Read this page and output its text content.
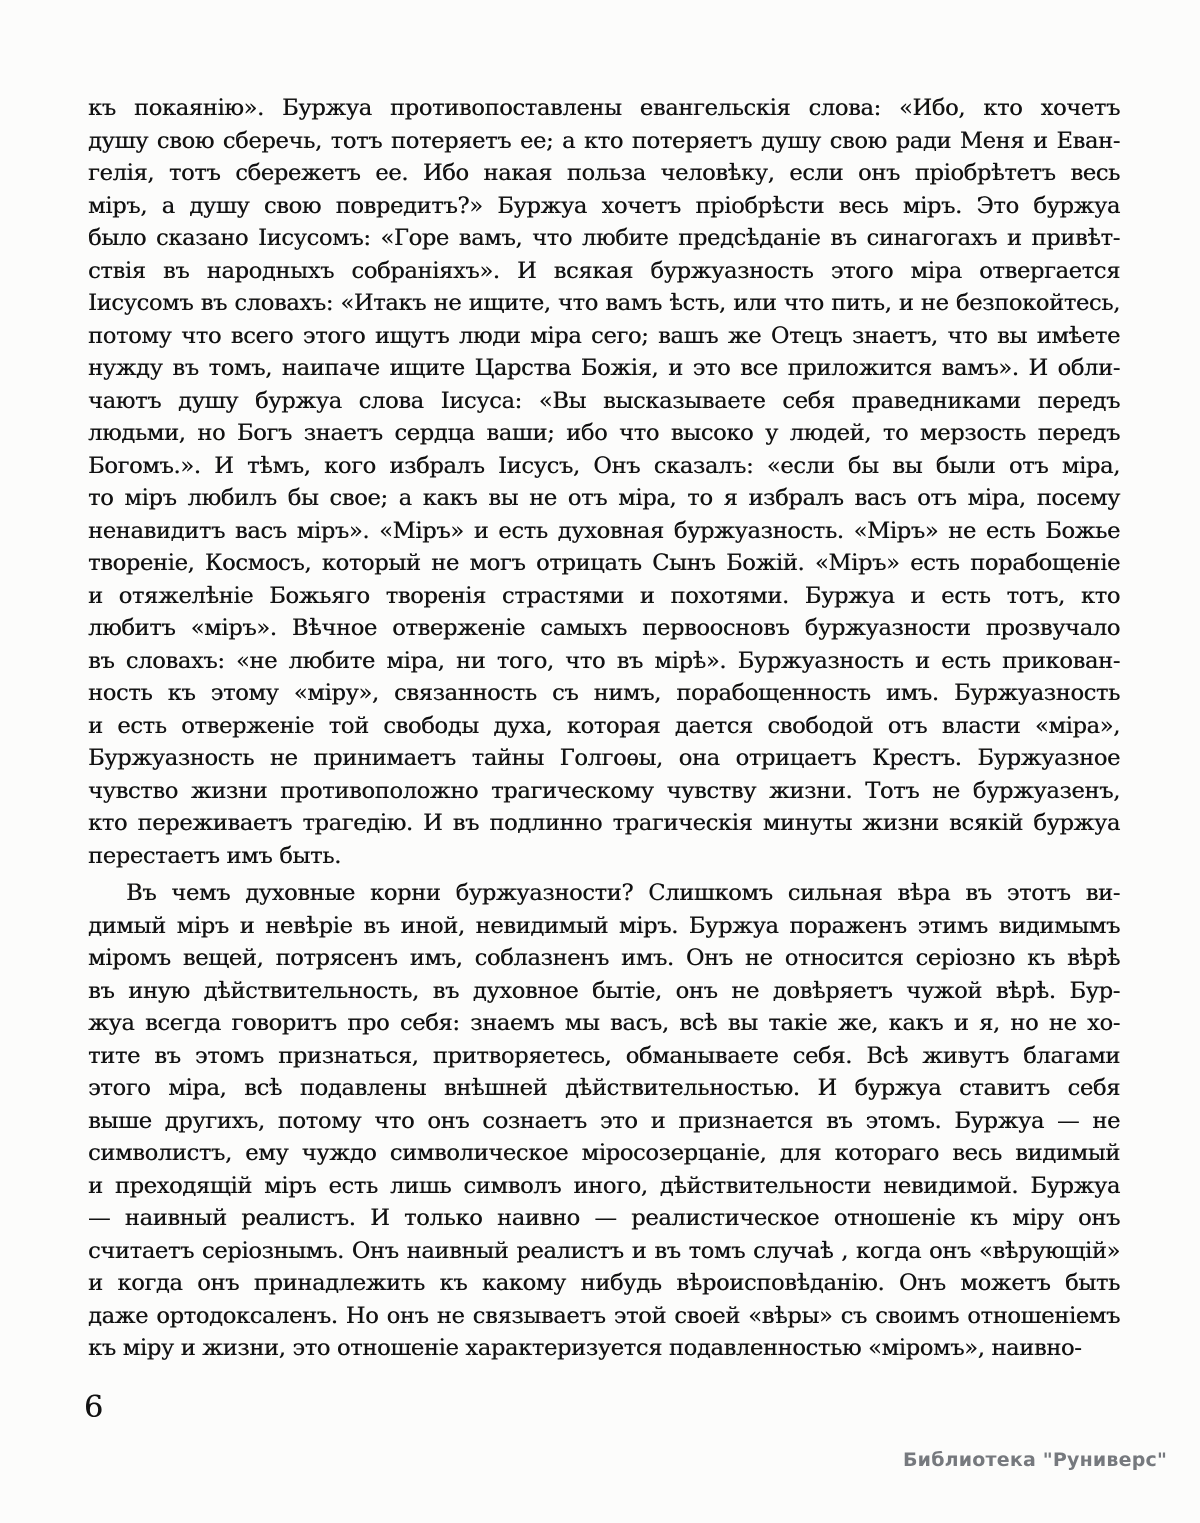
къ покаянію». Буржуа противопоставлены евангельскія слова: «Ибо, кто хочетъ
душу свою сберечь, тотъ потеряетъ ее; а кто потеряетъ душу свою ради Меня и Еван-
гелія, тотъ сбережетъ ее. Ибо накая польза человѣку, если онъ пріобрѣтетъ весь
міръ, а душу свою повредитъ?» Буржуа хочетъ пріобрѣсти весь міръ. Это буржуа
было сказано Іисусомъ: «Горе вамъ, что любите предсѣданіе въ синагогахъ и привѣт-
ствія въ народныхъ собраніяхъ». И всякая буржуазность этого міра отвергается
Іисусомъ въ словахъ: «Итакъ не ищите, что вамъ ѣсть, или что пить, и не безпокойтесь,
потому что всего этого ищутъ люди міра сего; вашъ же Отецъ знаетъ, что вы имѣете
нужду въ томъ, наипаче ищите Царства Божія, и это все приложится вамъ». И обли-
чаютъ душу буржуа слова Іисуса: «Вы высказываете себя праведниками передъ
людьми, но Богъ знаетъ сердца ваши; ибо что высоко у людей, то мерзость передъ
Богомъ.». И тѣмъ, кого избралъ Іисусъ, Онъ сказалъ: «если бы вы были отъ міра,
то міръ любилъ бы свое; а какъ вы не отъ міра, то я избралъ васъ отъ міра, посему
ненавидитъ васъ міръ». «Міръ» и есть духовная буржуазность. «Міръ» не есть Божье
твореніе, Космосъ, который не могъ отрицать Сынъ Божій. «Міръ» есть порабощеніе
и отяжелѣніе Божьяго творенія страстями и похотями. Буржуа и есть тотъ, кто
любитъ «міръ». Вѣчное отверженіе самыхъ первоосновъ буржуазности прозвучало
въ словахъ: «не любите міра, ни того, что въ мірѣ». Буржуазность и есть прикован-
ность къ этому «міру», связанность съ нимъ, порабощенность имъ. Буржуазность
и есть отверженіе той свободы духа, которая дается свободой отъ власти «міра»,
Буржуазность не принимаетъ тайны Голгоѳы, она отрицаетъ Крестъ. Буржуазное
чувство жизни противоположно трагическому чувству жизни. Тотъ не буржуазенъ,
кто переживаетъ трагедію. И въ подлинно трагическія минуты жизни всякій буржуа
перестаетъ имъ быть.
Въ чемъ духовные корни буржуазности? Слишкомъ сильная вѣра въ этотъ ви-
димый міръ и невѣріе въ иной, невидимый міръ. Буржуа пораженъ этимъ видимымъ
міромъ вещей, потрясенъ имъ, соблазненъ имъ. Онъ не относится серіозно къ вѣрѣ
въ иную дѣйствительность, въ духовное бытіе, онъ не довѣряетъ чужой вѣрѣ. Бур-
жуа всегда говоритъ про себя: знаемъ мы васъ, всѣ вы такіе же, какъ и я, но не хо-
тите въ этомъ признаться, притворяетесь, обманываете себя. Всѣ живутъ благами
этого міра, всѣ подавлены внѣшней дѣйствительностью. И буржуа ставитъ себя
выше другихъ, потому что онъ сознаетъ это и признается въ этомъ. Буржуа — не
символистъ, ему чуждо символическое міросозерцаніе, для котораго весь видимый
и преходящій міръ есть лишь символъ иного, дѣйствительности невидимой. Буржуа
— наивный реалистъ. И только наивно — реалистическое отношеніе къ міру онъ
считаетъ серіознымъ. Онъ наивный реалистъ и въ томъ случаѣ , когда онъ «вѣрующій»
и когда онъ принадлежить къ какому нибудь вѣроисповѣданію. Онъ можетъ быть
даже ортодоксаленъ. Но онъ не связываетъ этой своей «вѣры» съ своимъ отношеніемъ
къ міру и жизни, это отношеніе характеризуется подавленностью «міромъ», наивно-
6
Библиотека "Руниверс"
